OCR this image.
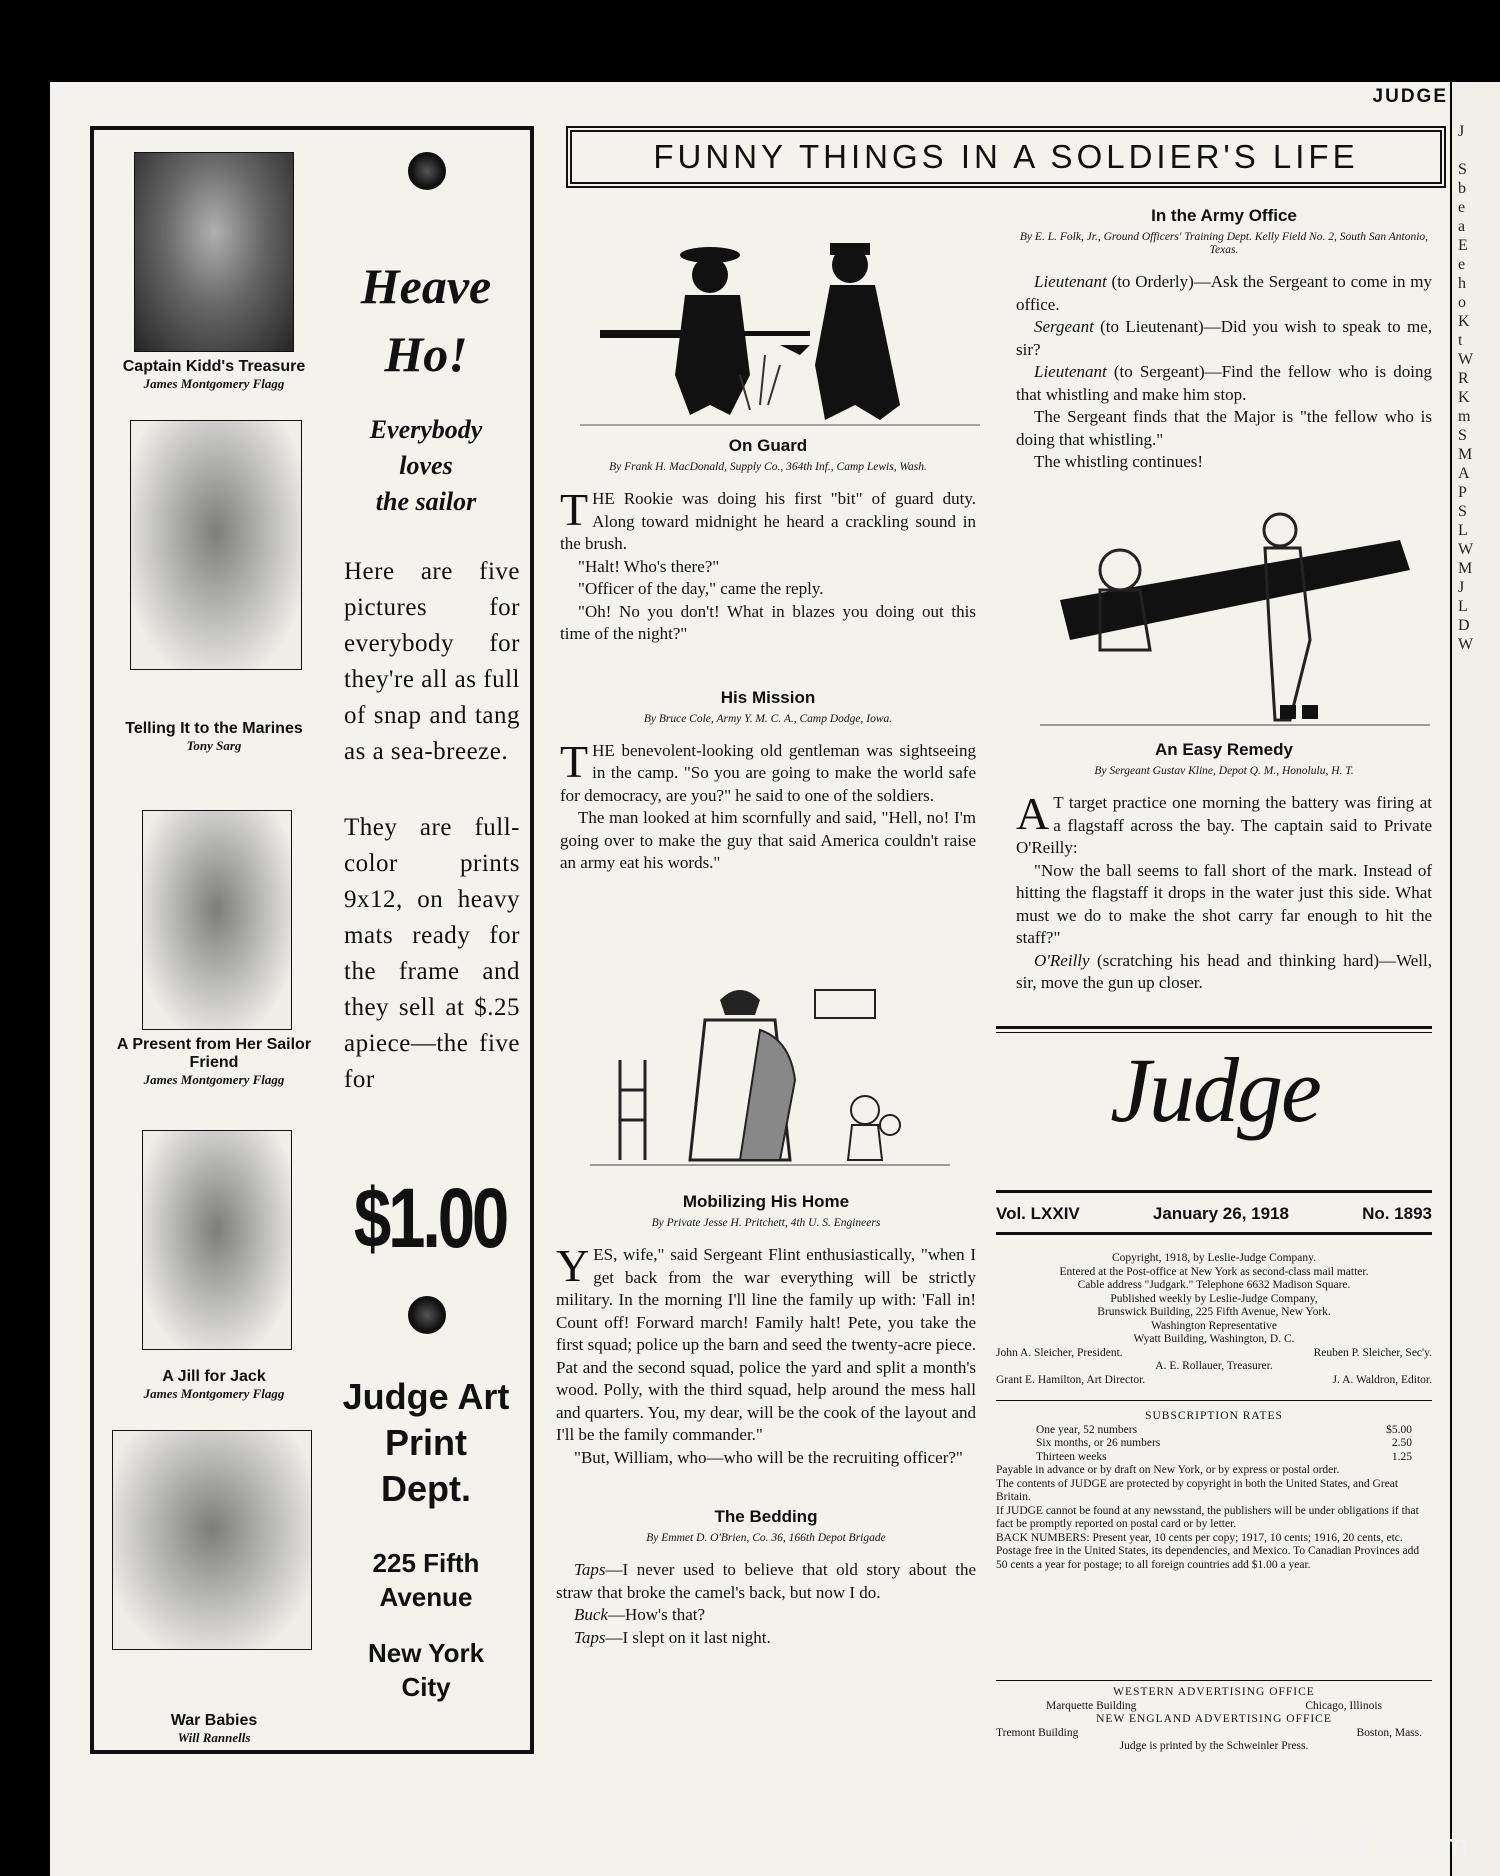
J

S
b
e
a
E
e
h
o
K
t
W
R
K
m
S
M
A
P
S
L
W
M
J
L
D
W
JUDGE
Captain Kidd's Treasure
James Montgomery Flagg
Telling It to the Marines
Tony Sarg
A Present from Her Sailor Friend
James Montgomery Flagg
A Jill for Jack
James Montgomery Flagg
War Babies
Will Rannells
Heave
Ho!
Everybody
loves
the sailor
Here are five pictures for everybody for they're all as full of snap and tang as a sea-breeze.
They are full-color prints 9x12, on heavy mats ready for the frame and they sell at $.25 apiece—the five for
$1.00
Judge Art
Print
Dept.
225 Fifth
Avenue
New York
City
FUNNY THINGS IN A SOLDIER'S LIFE
On Guard
By Frank H. MacDonald, Supply Co., 364th Inf., Camp Lewis, Wash.

THE Rookie was doing his first "bit" of guard duty. Along toward midnight he heard a crackling sound in the brush.

"Halt! Who's there?"

"Officer of the day," came the reply.

"Oh! No you don't! What in blazes you doing out this time of the night?"

His Mission
By Bruce Cole, Army Y. M. C. A., Camp Dodge, Iowa.

THE benevolent-looking old gentleman was sightseeing in the camp. "So you are going to make the world safe for democracy, are you?" he said to one of the soldiers.

The man looked at him scornfully and said, "Hell, no! I'm going over to make the guy that said America couldn't raise an army eat his words."

Mobilizing His Home
By Private Jesse H. Pritchett, 4th U. S. Engineers

YES, wife," said Sergeant Flint enthusiastically, "when I get back from the war everything will be strictly military. In the morning I'll line the family up with: 'Fall in! Count off! Forward march! Family halt! Pete, you take the first squad; police up the barn and seed the twenty-acre piece. Pat and the second squad, police the yard and split a month's wood. Polly, with the third squad, help around the mess hall and quarters. You, my dear, will be the cook of the layout and I'll be the family commander."

"But, William, who—who will be the recruiting officer?"

The Bedding
By Emmet D. O'Brien, Co. 36, 166th Depot Brigade

Taps—I never used to believe that old story about the straw that broke the camel's back, but now I do.

Buck—How's that?

Taps—I slept on it last night.

In the Army Office
By E. L. Folk, Jr., Ground Officers' Training Dept. Kelly Field No. 2, South San Antonio, Texas.

Lieutenant (to Orderly)—Ask the Sergeant to come in my office.

Sergeant (to Lieutenant)—Did you wish to speak to me, sir?

Lieutenant (to Sergeant)—Find the fellow who is doing that whistling and make him stop.

The Sergeant finds that the Major is "the fellow who is doing that whistling."

The whistling continues!

An Easy Remedy
By Sergeant Gustav Kline, Depot Q. M., Honolulu, H. T.

A T target practice one morning the battery was firing at a flagstaff across the bay. The captain said to Private O'Reilly:

"Now the ball seems to fall short of the mark. Instead of hitting the flagstaff it drops in the water just this side. What must we do to make the shot carry far enough to hit the staff?"

O'Reilly (scratching his head and thinking hard)—Well, sir, move the gun up closer.

Judge
Vol. LXXIV	January 26, 1918	No. 1893
Copyright, 1918, by Leslie-Judge Company.
Entered at the Post-office at New York as second-class mail matter.
Cable address "Judgark." Telephone 6632 Madison Square.
Published weekly by Leslie-Judge Company,
Brunswick Building, 225 Fifth Avenue, New York.
Washington Representative
Wyatt Building, Washington, D. C.
John A. Sleicher, President.	Reuben P. Sleicher, Sec'y.
A. E. Rollauer, Treasurer.
Grant E. Hamilton, Art Director.	J. A. Waldron, Editor.
SUBSCRIPTION RATES
One year, 52 numbers	$5.00
Six months, or 26 numbers	2.50
Thirteen weeks	1.25
Payable in advance or by draft on New York, or by express or postal order.
The contents of JUDGE are protected by copyright in both the United States, and Great Britain.
If JUDGE cannot be found at any newsstand, the publishers will be under obligations if that fact be promptly reported on postal card or by letter.
BACK NUMBERS: Present year, 10 cents per copy; 1917, 10 cents; 1916, 20 cents, etc.
Postage free in the United States, its dependencies, and Mexico. To Canadian Provinces add 50 cents a year for postage; to all foreign countries add $1.00 a year.
WESTERN ADVERTISING OFFICE
Marquette Building	Chicago, Illinois
NEW ENGLAND ADVERTISING OFFICE
Tremont Building	Boston, Mass.
Judge is printed by the Schweinler Press.
comicbooks.com
